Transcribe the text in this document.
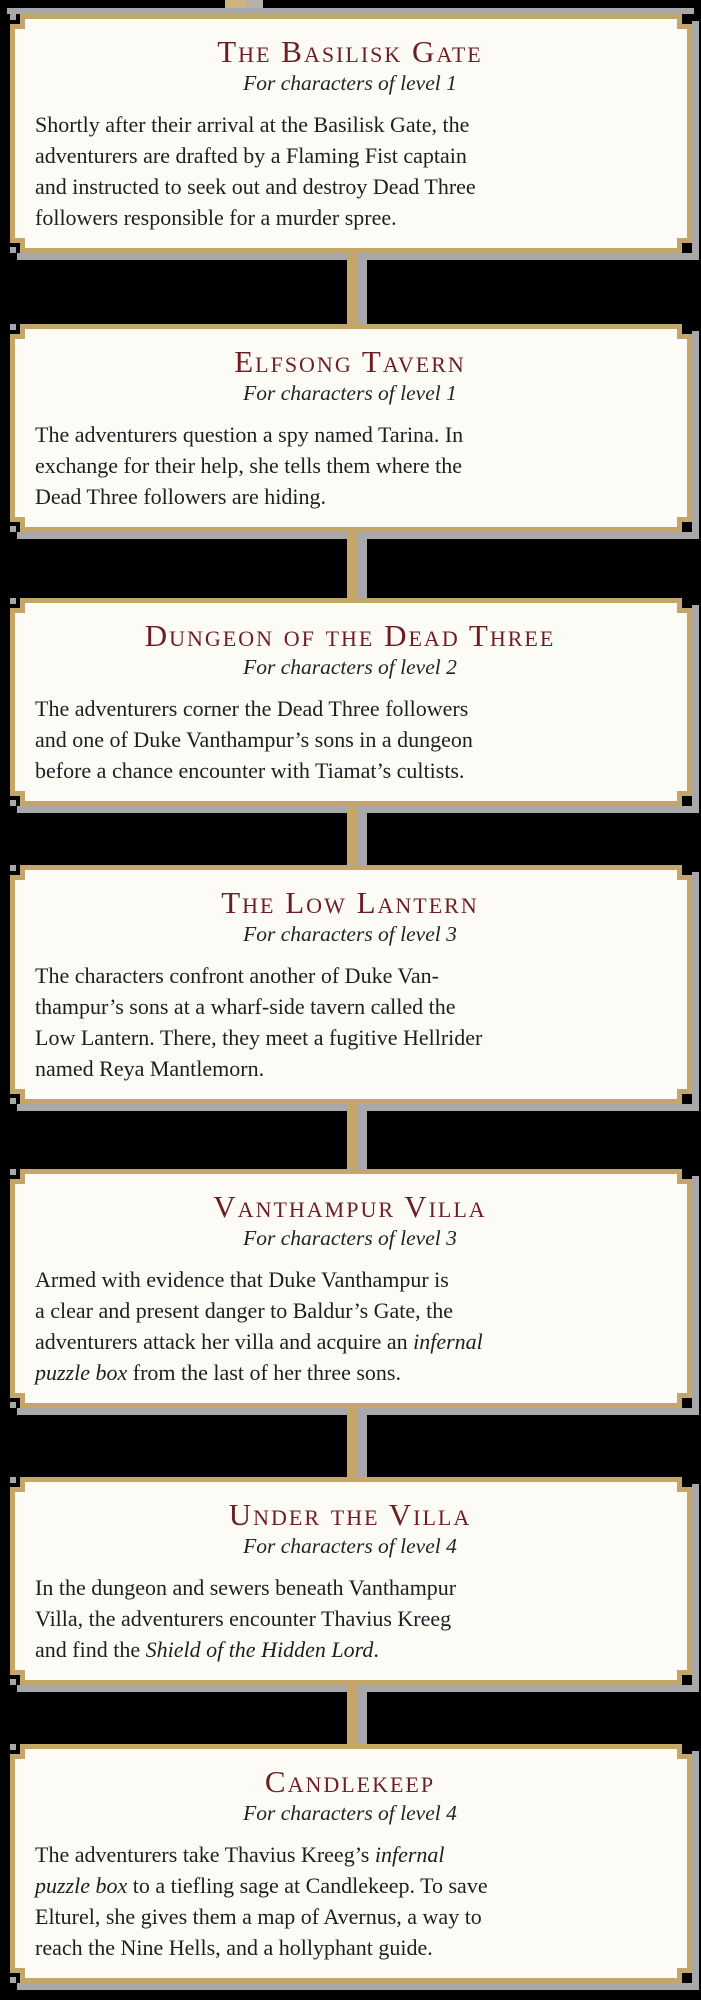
The Basilisk Gate
For characters of level 1
Shortly after their arrival at the Basilisk Gate, the
adventurers are drafted by a Flaming Fist captain
and instructed to seek out and destroy Dead Three
followers responsible for a murder spree.
Elfsong Tavern
For characters of level 1
The adventurers question a spy named Tarina. In
exchange for their help, she tells them where the
Dead Three followers are hiding.
Dungeon of the Dead Three
For characters of level 2
The adventurers corner the Dead Three followers
and one of Duke Vanthampur’s sons in a dungeon
before a chance encounter with Tiamat’s cultists.
The Low Lantern
For characters of level 3
The characters confront another of Duke Van-
thampur’s sons at a wharf-side tavern called the
Low Lantern. There, they meet a fugitive Hellrider
named Reya Mantlemorn.
Vanthampur Villa
For characters of level 3
Armed with evidence that Duke Vanthampur is
a clear and present danger to Baldur’s Gate, the
adventurers attack her villa and acquire an infernal
puzzle box from the last of her three sons.
Under the Villa
For characters of level 4
In the dungeon and sewers beneath Vanthampur
Villa, the adventurers encounter Thavius Kreeg
and find the Shield of the Hidden Lord.
Candlekeep
For characters of level 4
The adventurers take Thavius Kreeg’s infernal
puzzle box to a tiefling sage at Candlekeep. To save
Elturel, she gives them a map of Avernus, a way to
reach the Nine Hells, and a hollyphant guide.
